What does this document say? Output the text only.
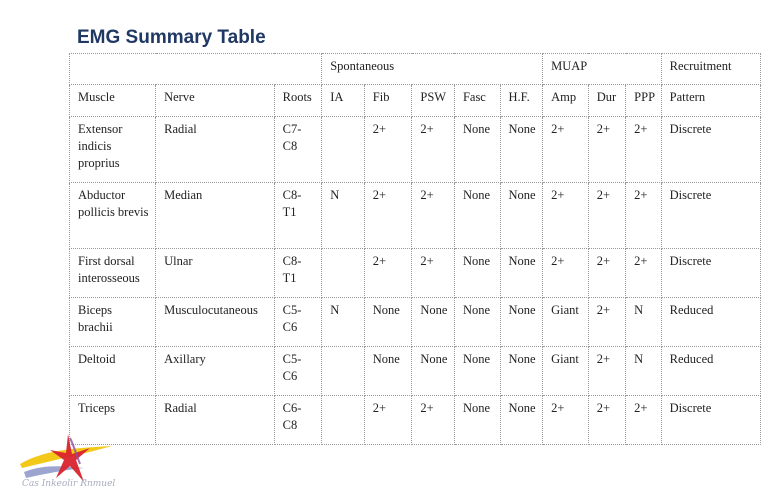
EMG Summary Table
			Spontaneous					MUAP			Recruitment
Muscle	Nerve	Roots	IA	Fib	PSW	Fasc	H.F.	Amp	Dur	PPP	Pattern
Extensor indicis proprius	Radial	C7-C8		2+	2+	None	None	2+	2+	2+	Discrete
Abductor pollicis brevis	Median	C8-T1	N	2+	2+	None	None	2+	2+	2+	Discrete
First dorsal interosseous	Ulnar	C8-T1		2+	2+	None	None	2+	2+	2+	Discrete
Biceps brachii	Musculocutaneous	C5-C6	N	None	None	None	None	Giant	2+	N	Reduced
Deltoid	Axillary	C5-C6		None	None	None	None	Giant	2+	N	Reduced
Triceps	Radial	C6-C8		2+	2+	None	None	2+	2+	2+	Discrete

Cas Inkeolir Rnmuel
